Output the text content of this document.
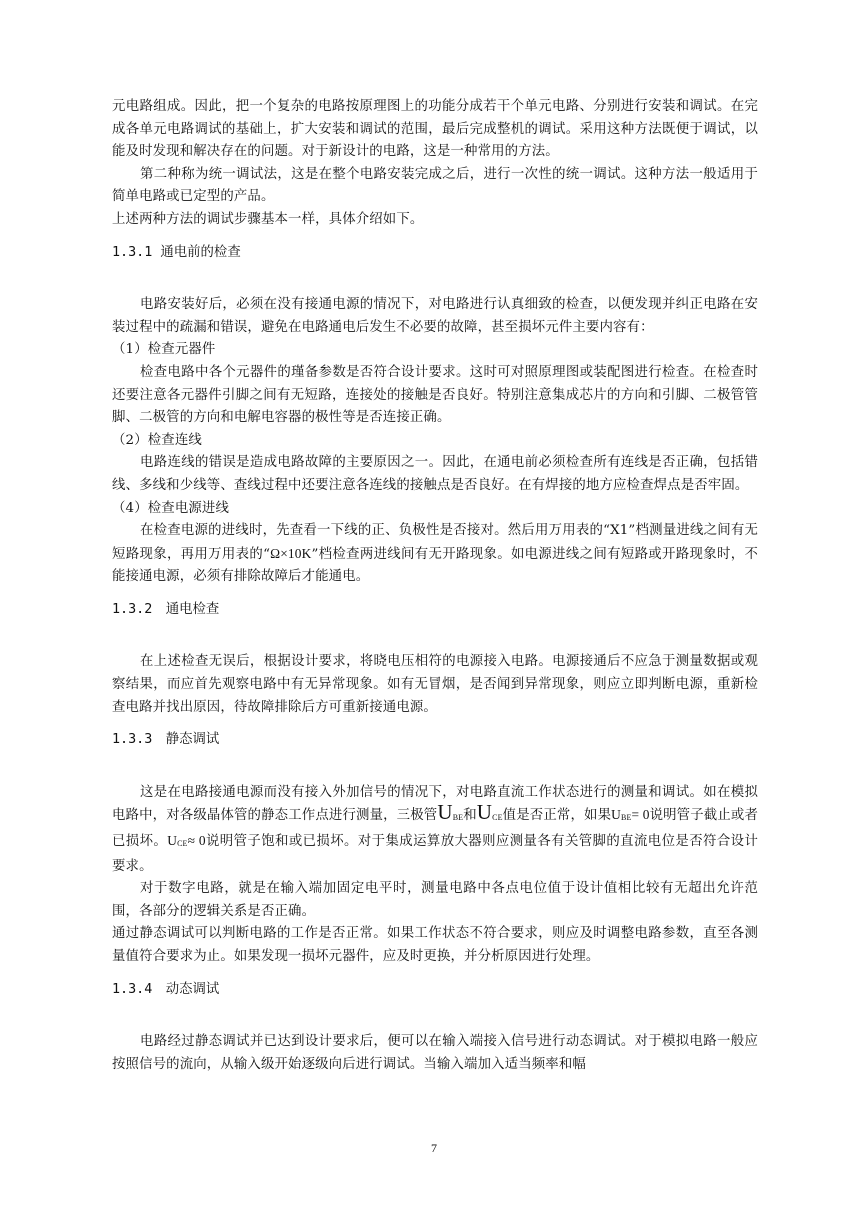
元电路组成。因此，把一个复杂的电路按原理图上的功能分成若干个单元电路、分别进行安装和调试。在完成各单元电路调试的基础上，扩大安装和调试的范围，最后完成整机的调试。采用这种方法既便于调试，以能及时发现和解决存在的问题。对于新设计的电路，这是一种常用的方法。

第二种称为统一调试法，这是在整个电路安装完成之后，进行一次性的统一调试。这种方法一般适用于简单电路或已定型的产品。

上述两种方法的调试步骤基本一样，具体介绍如下。

1.3.1 通电前的检查

电路安装好后，必须在没有接通电源的情况下，对电路进行认真细致的检查，以便发现并纠正电路在安装过程中的疏漏和错误，避免在电路通电后发生不必要的故障，甚至损坏元件主要内容有：

（1）检查元器件

检查电路中各个元器件的瑾备参数是否符合设计要求。这时可对照原理图或装配图进行检查。在检查时还要注意各元器件引脚之间有无短路，连接处的接触是否良好。特别注意集成芯片的方向和引脚、二极管管脚、二极管的方向和电解电容器的极性等是否连接正确。

（2）检查连线

电路连线的错误是造成电路故障的主要原因之一。因此，在通电前必须检查所有连线是否正确，包括错线、多线和少线等、查线过程中还要注意各连线的接触点是否良好。在有焊接的地方应检查焊点是否牢固。

（4）检查电源进线

在检查电源的进线时，先查看一下线的正、负极性是否接对。然后用万用表的“X1”档测量进线之间有无短路现象，再用万用表的“Ω×10K”档检查两进线间有无开路现象。如电源进线之间有短路或开路现象时，不能接通电源，必须有排除故障后才能通电。

1.3.2　通电检查

在上述检查无误后，根据设计要求，将晓电压相符的电源接入电路。电源接通后不应急于测量数据或观察结果，而应首先观察电路中有无异常现象。如有无冒烟，是否闻到异常现象，则应立即判断电源，重新检查电路并找出原因，待故障排除后方可重新接通电源。

1.3.3　静态调试

这是在电路接通电源而没有接入外加信号的情况下，对电路直流工作状态进行的测量和调试。如在模拟电路中，对各级晶体管的静态工作点进行测量，三极管UBE和UCE值是否正常，如果UBE= 0说明管子截止或者已损坏。UCE≈ 0说明管子饱和或已损坏。对于集成运算放大器则应测量各有关管脚的直流电位是否符合设计要求。

对于数字电路，就是在输入端加固定电平时，测量电路中各点电位值于设计值相比较有无超出允许范围，各部分的逻辑关系是否正确。

通过静态调试可以判断电路的工作是否正常。如果工作状态不符合要求，则应及时调整电路参数，直至各测量值符合要求为止。如果发现一损坏元器件，应及时更换，并分析原因进行处理。

1.3.4　动态调试

电路经过静态调试并已达到设计要求后，便可以在输入端接入信号进行动态调试。对于模拟电路一般应按照信号的流向，从输入级开始逐级向后进行调试。当输入端加入适当频率和幅

7
